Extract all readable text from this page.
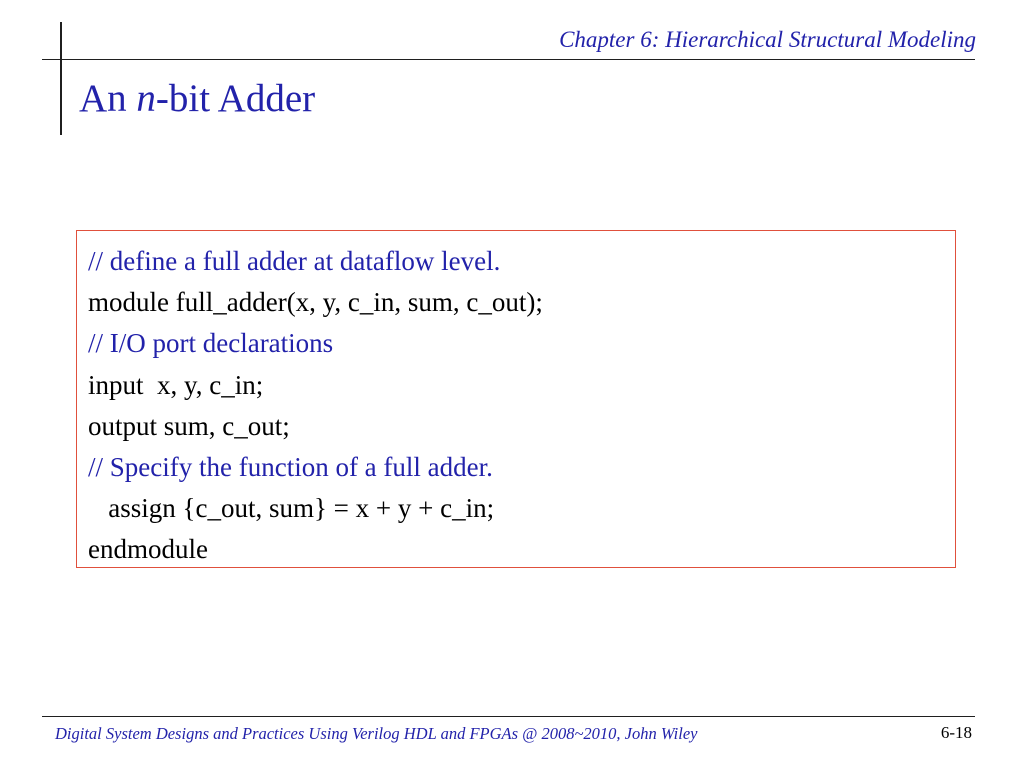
Chapter 6: Hierarchical Structural Modeling
An n-bit Adder
// define a full adder at dataflow level.
module full_adder(x, y, c_in, sum, c_out);
// I/O port declarations
input  x, y, c_in;
output sum, c_out;
// Specify the function of a full adder.
assign {c_out, sum} = x + y + c_in;
endmodule
Digital System Designs and Practices Using Verilog HDL and FPGAs @ 2008~2010, John Wiley	6-18
